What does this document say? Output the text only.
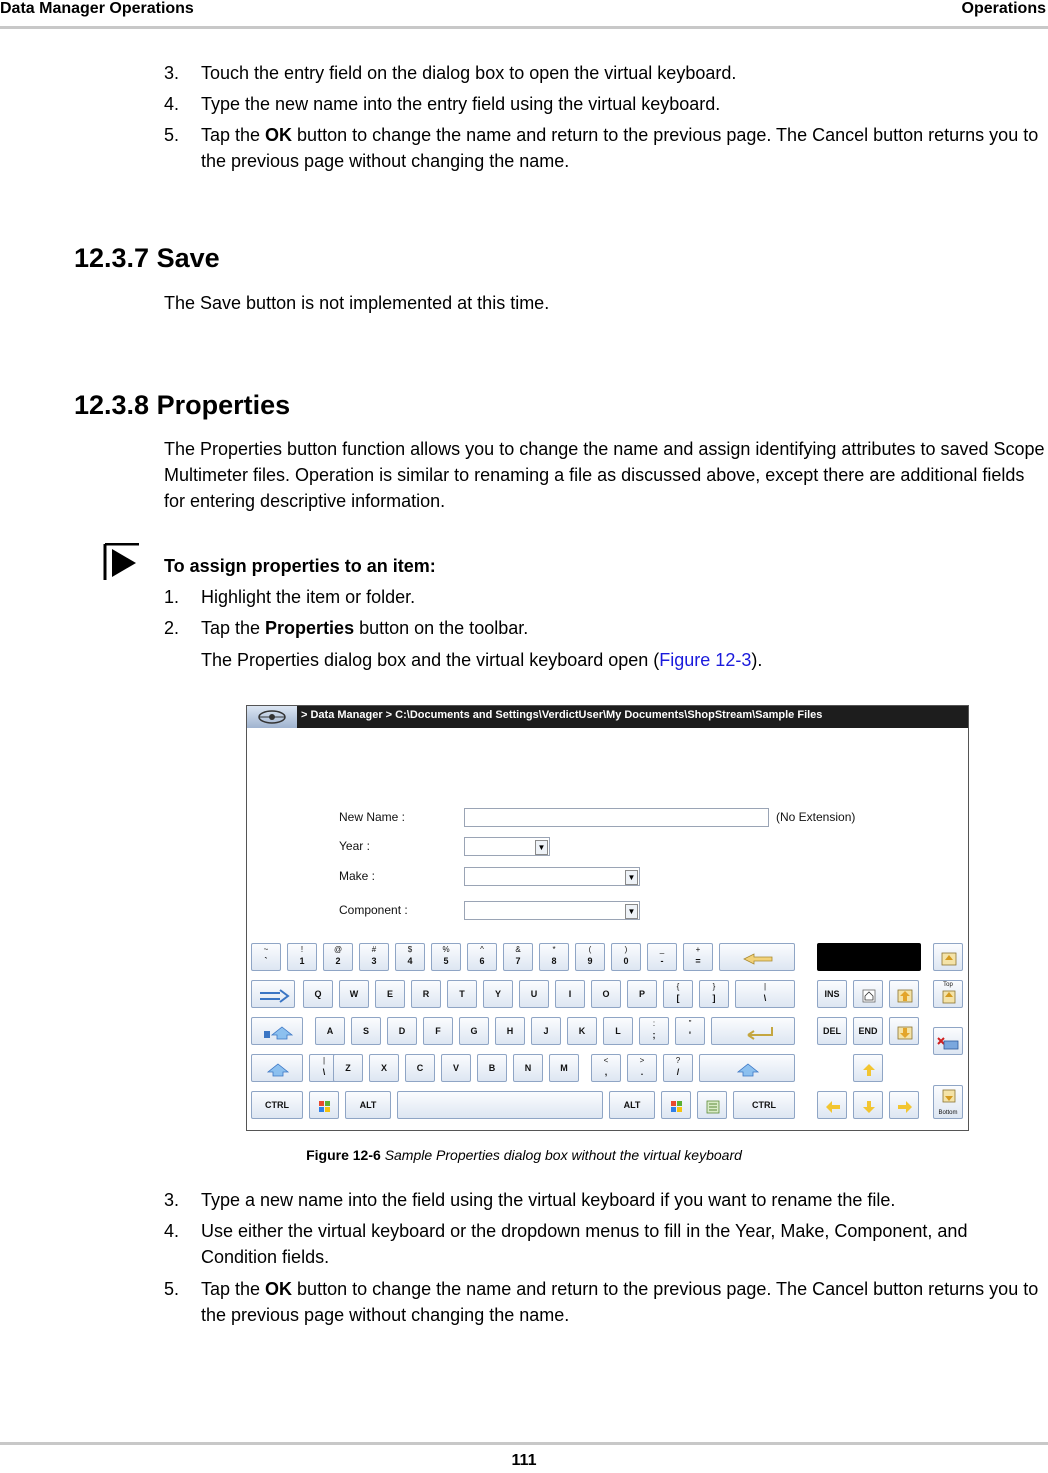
Data Manager Operations	Operations
3. Touch the entry field on the dialog box to open the virtual keyboard.
4. Type the new name into the entry field using the virtual keyboard.
5. Tap the OK button to change the name and return to the previous page. The Cancel button returns you to the previous page without changing the name.
12.3.7 Save
The Save button is not implemented at this time.
12.3.8 Properties
The Properties button function allows you to change the name and assign identifying attributes to saved Scope Multimeter files. Operation is similar to renaming a file as discussed above, except there are additional fields for entering descriptive information.
To assign properties to an item:
1. Highlight the item or folder.
2. Tap the Properties button on the toolbar.
The Properties dialog box and the virtual keyboard open (Figure 12-3).
> Data Manager > C:\Documents and Settings\VerdictUser\My Documents\ShopStream\Sample Files
New Name :	(No Extension)
Year :	▼
Make :	▼
Component :	▼
~
`
!
1
@
2
#
3
$
4
%
5
^
6
&
7
*
8
(
9
)
0
_
-
+
=
Q	W	E	R	T	Y	U	I	O	P
{
[
}
]
|
\	INS
Top
A	S	D	F	G	H	J	K	L
:
;
"
'	DEL	END
|
\	Z	X	C	V	B	N	M
<
,
>
.
?
/
CTRL	ALT	ALT	CTRL
Bottom
Figure 12-6 Sample Properties dialog box without the virtual keyboard
3. Type a new name into the field using the virtual keyboard if you want to rename the file.
4. Use either the virtual keyboard or the dropdown menus to fill in the Year, Make, Component, and Condition fields.
5. Tap the OK button to change the name and return to the previous page. The Cancel button returns you to the previous page without changing the name.
111
